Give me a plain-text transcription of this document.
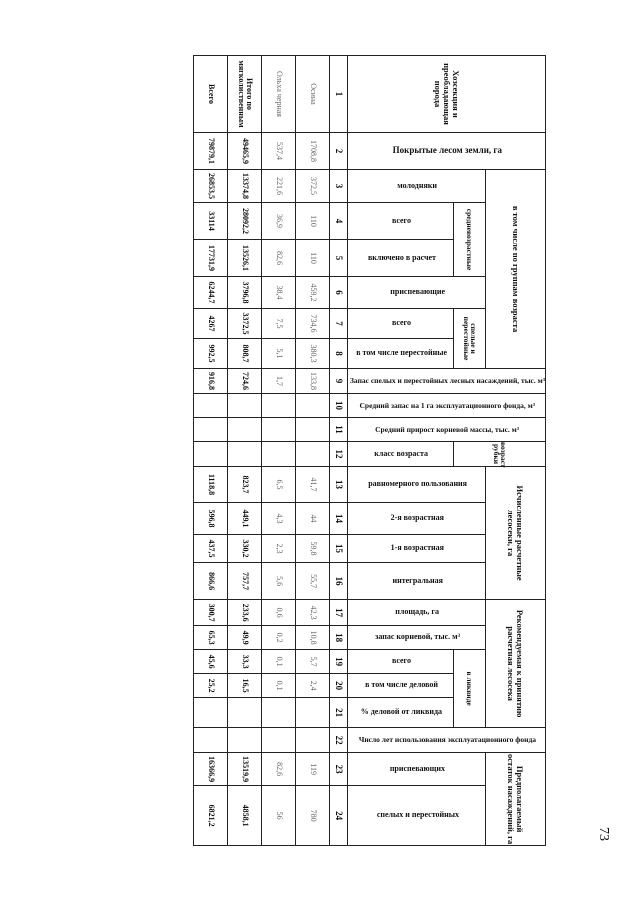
73
Хозсекция и преобладающая порода	Покрытые лесом земли, га	в том числе по группам возраста						Запас спелых и перестойных лесных насаждений, тыс. м³	Средний запас на 1 га эксплуатационного фонда, м³	Средний прирост корневой массы, тыс. м³	возраст рубки	Исчисленные расчетные лесосеки, га				Рекомендуемая к принятию расчетная лесосека					Число лет использования эксплуатационного фонда	Предполагаемый остаток насаждений, га	
		молодняки	средневозрастные		приспевающие	спелые и перестойные						равномерного пользования	2-я возрастная	1-я возрастная	интегральная	площадь, га	запас корневой, тыс. м³	в ликвиде				приспевающих	спелых и перестойных
			всего	включено в расчет		всего	в том числе перестойные				класс возраста							всего	в том числе деловой	% деловой от ликвида			
1	2	3	4	5	6	7	8	9	10	11	12	13	14	15	16	17	18	19	20	21	22	23	24
Осина	1708,8	372,5	110	110	459,2	734,6	380,3	133,8				41,7	44	59,8	55,7	42,3	10,8	5,7	2,4			119	780
Ольха черная	537,4	221,6	36,9	82,6	38,4	7,5	5,1	1,7				6,5	4,3	2,3	5,6	0,6	0,2	0,1	0,1			82,6	56
Итого по мягколиственным	49465,9	13374,8	28092,2	13526,1	3796,8	3372,5	808,7	724,6				823,7	449,1	330,2	757,7	233,6	49,9	33,3	16,5			13519,9	4858,1
Всего	79879,1	26853,5	33114	17731,9	6244,7	4267	992,5	916,8				1118,8	596,8	437,5	866,6	300,7	65,3	45,6	25,2			16366,9	6821,2
